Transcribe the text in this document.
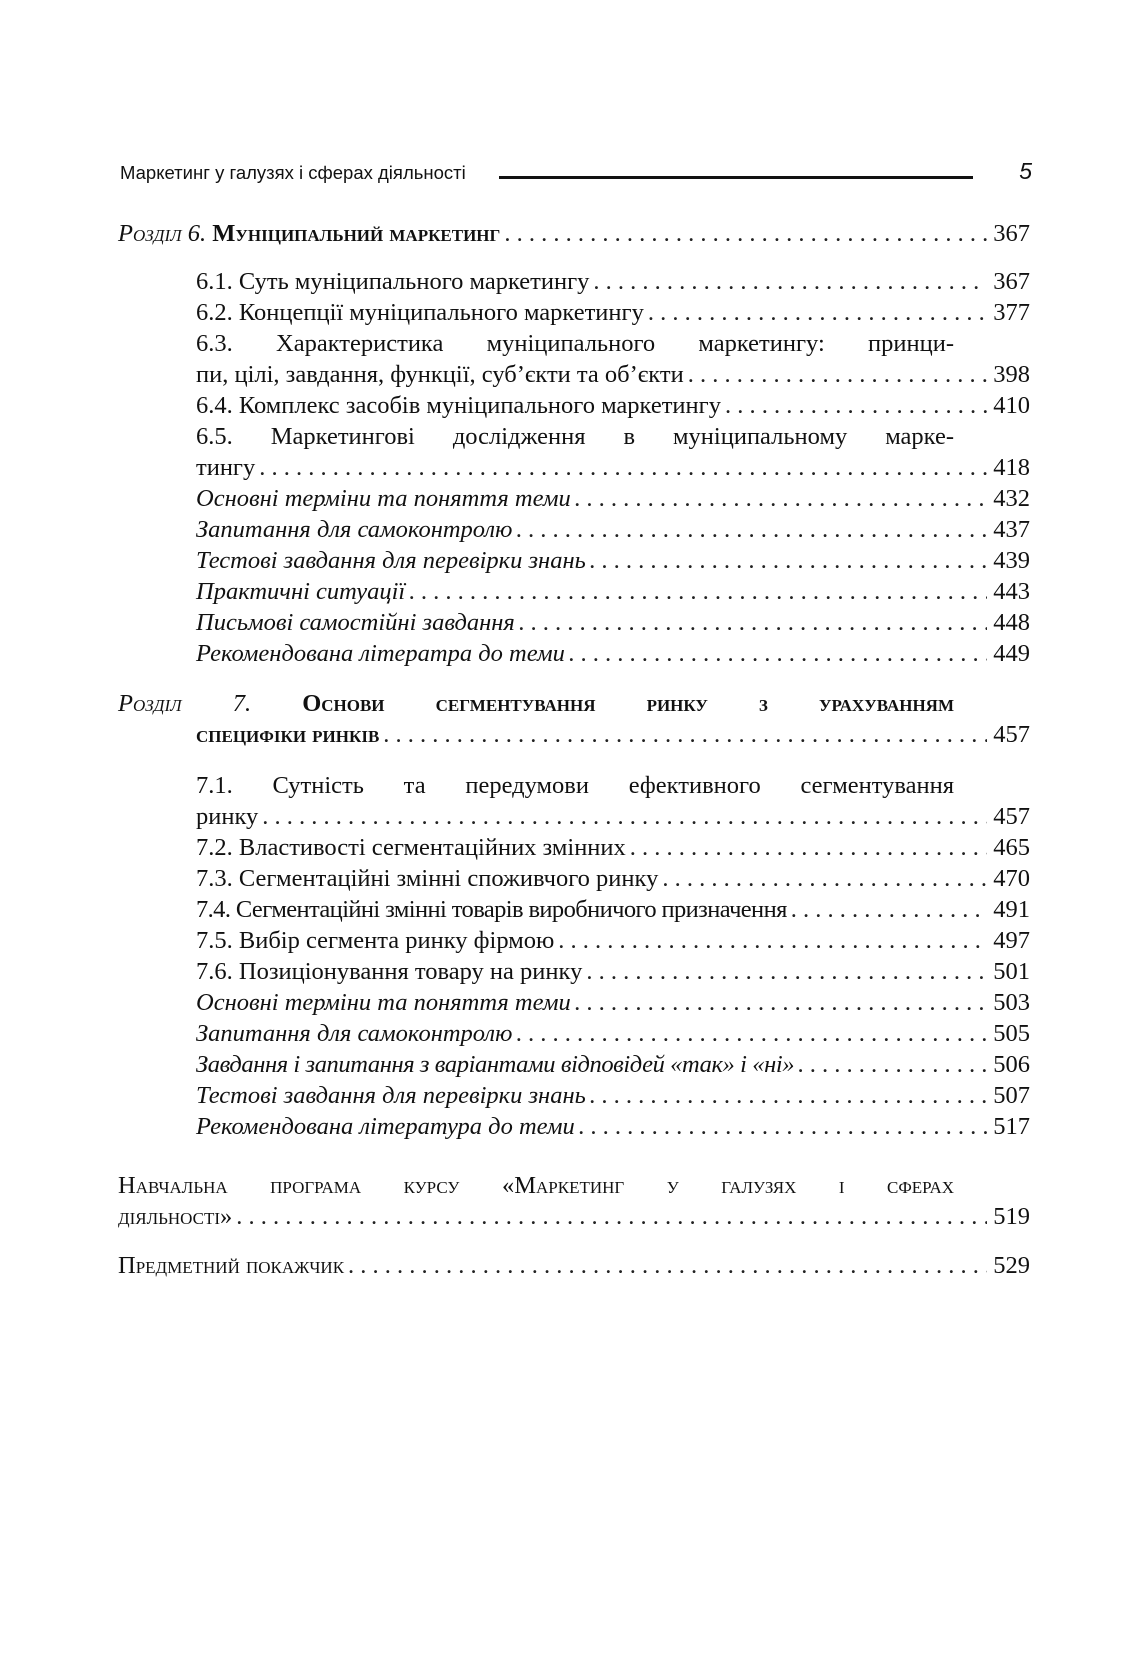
Маркетинг у галузях і сферах діяльності	5
Розділ 6. Муніципальний маркетинг . . .	367
6.1. Суть муніципального маркетингу . . .	367
6.2. Концепції муніципального маркетингу . . .	377
6.3. Характеристика муніципального маркетингу: принци-
пи, цілі, завдання, функції, суб’єкти та об’єкти . . .	398
6.4. Комплекс засобів муніципального маркетингу . . .	410
6.5. Маркетингові дослідження в муніципальному марке-
тингу . . .	418
Основні терміни та поняття теми . . .	432
Запитання для самоконтролю . . .	437
Тестові завдання для перевірки знань . . .	439
Практичні ситуації . . .	443
Письмові самостійні завдання . . .	448
Рекомендована літератра до теми . . .	449
Розділ 7. Основи сегментування ринку з урахуванням
специфіки ринків . . .	457
7.1. Сутність та передумови ефективного сегментування
ринку . . .	457
7.2. Властивості сегментаційних змінних . . .	465
7.3. Сегментаційні змінні споживчого ринку . . .	470
7.4. Сегментаційні змінні товарів виробничого призначення . . .	491
7.5. Вибір сегмента ринку фірмою . . .	497
7.6. Позиціонування товару на ринку . . .	501
Основні терміни та поняття теми . . .	503
Запитання для самоконтролю . . .	505
Завдання і запитання з варіантами відповідей «так» і «ні» . . .	506
Тестові завдання для перевірки знань . . .	507
Рекомендована література до теми . . .	517
Навчальна програма курсу «Маркетинг у галузях і сферах
діяльності» . . .	519
Предметний покажчик . . .	529
